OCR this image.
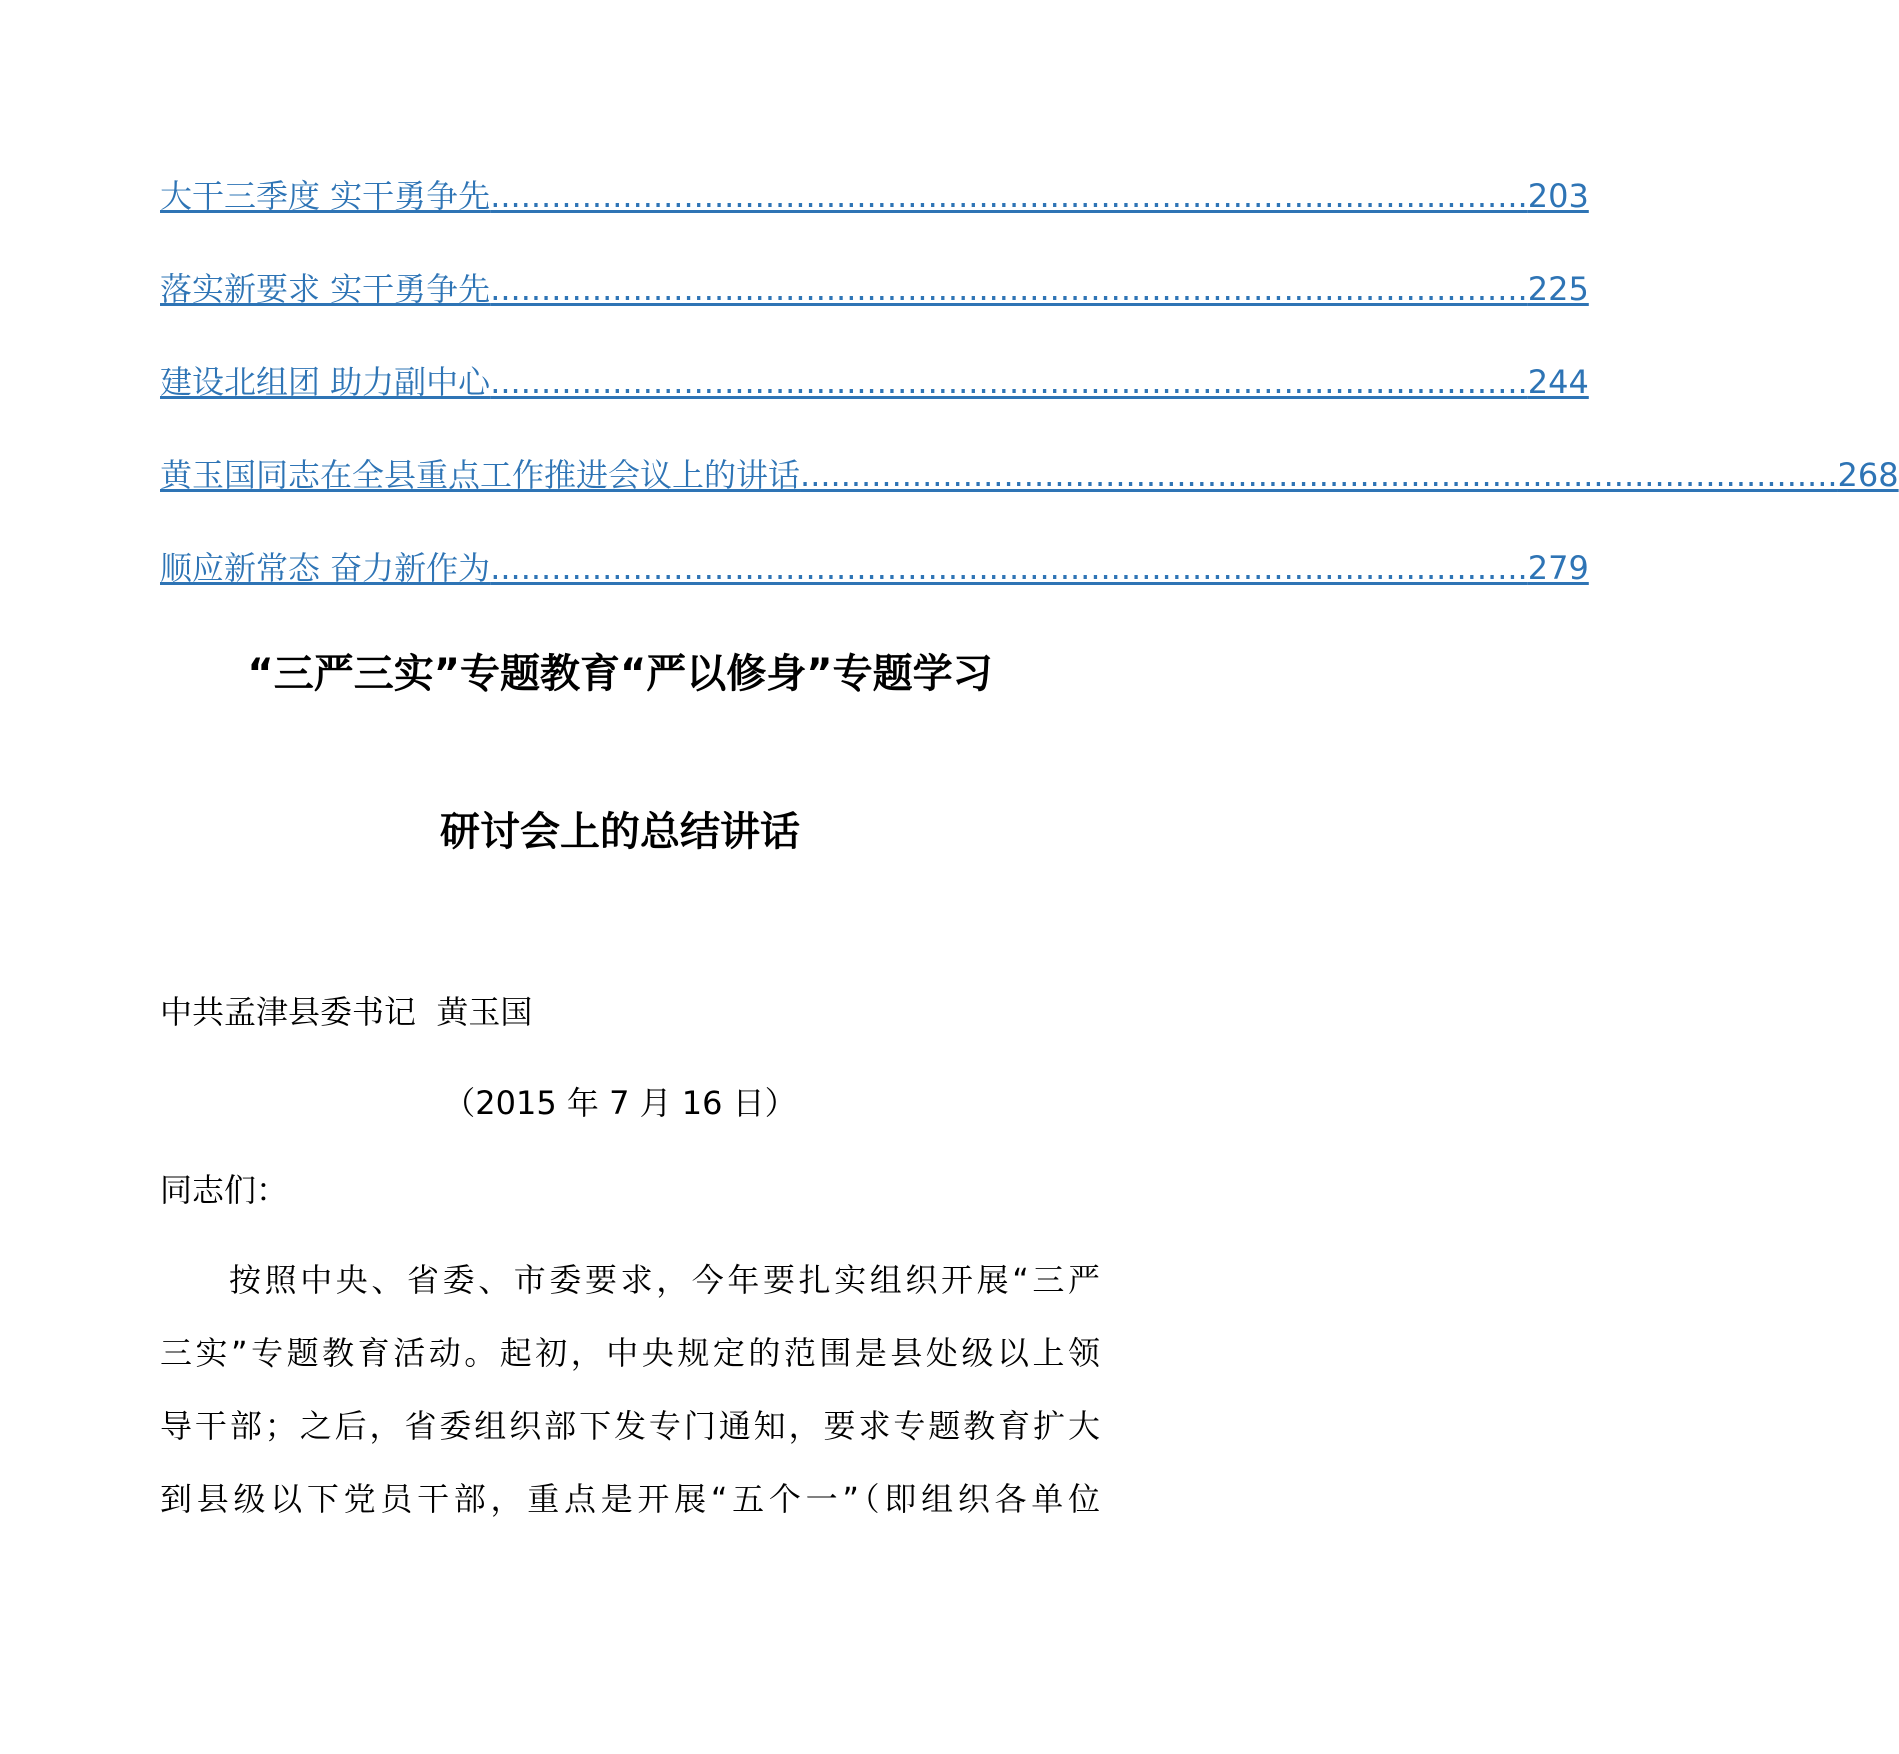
大干三季度 实干勇争先 ...................................................................................................... 203
落实新要求 实干勇争先 ...................................................................................................... 225
建设北组团 助力副中心 ...................................................................................................... 244
黄玉国同志在全县重点工作推进会议上的讲话 ...................................................................................................... 268
顺应新常态 奋力新作为 ...................................................................................................... 279
“三严三实”专题教育“严以修身”专题学习
研讨会上的总结讲话
中共孟津县委书记  黄玉国
（2015 年 7 月 16 日）
同志们：
按照中央、省委、市委要求，今年要扎实组织开展“三严
三实”专题教育活动。起初，中央规定的范围是县处级以上领
导干部；之后，省委组织部下发专门通知，要求专题教育扩大
到县级以下党员干部，重点是开展“五个一”（即组织各单位
